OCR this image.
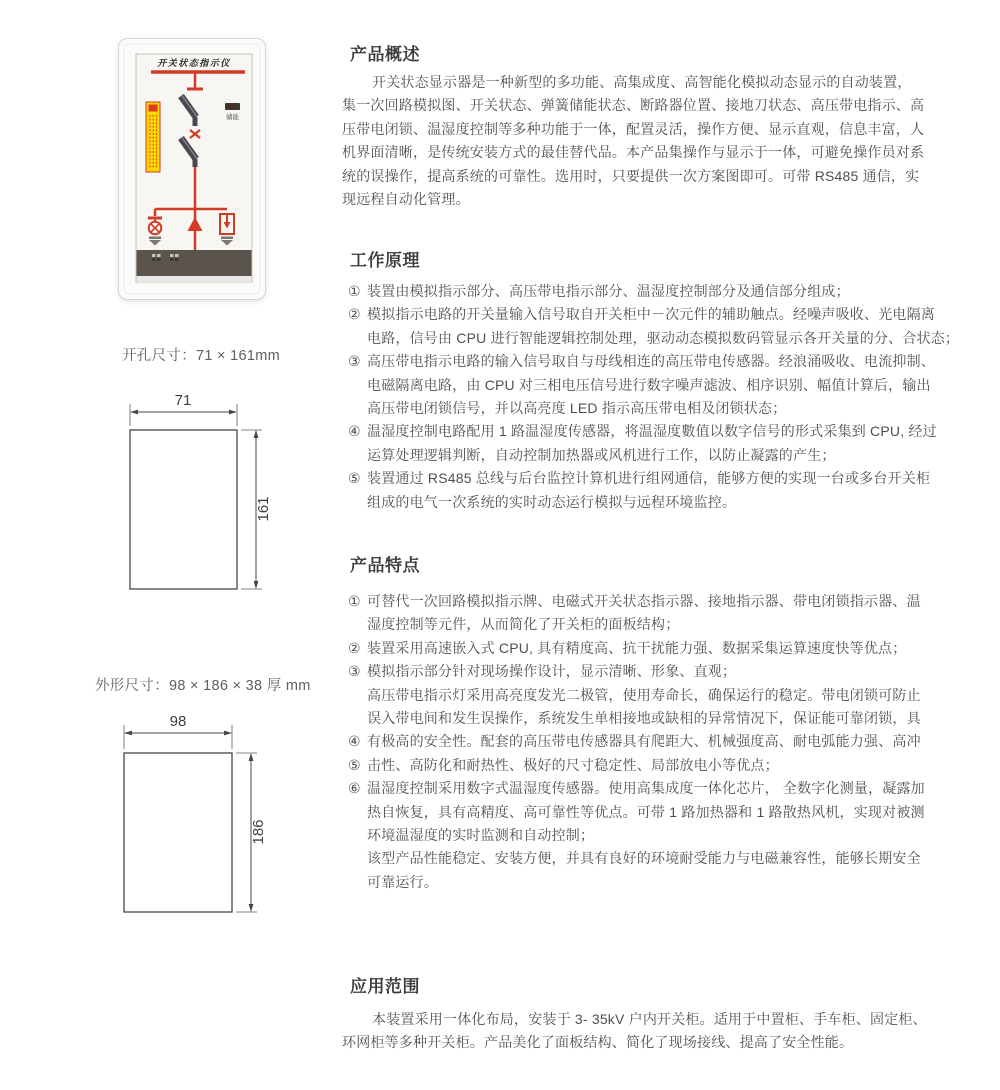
开关状态指示仪
储能
开孔尺寸：71 × 161mm
71
161
外形尺寸：98 × 186 × 38 厚 mm
98
186
产品概述
开关状态显示器是一种新型的多功能、高集成度、高智能化模拟动态显示的自动装置，
集一次回路模拟图、开关状态、弹簧储能状态、断路器位置、接地刀状态、高压带电指示、高
压带电闭锁、温湿度控制等多种功能于一体，配置灵活，操作方便、显示直观，信息丰富，人
机界面清晰，是传统安装方式的最佳替代品。本产品集操作与显示于一体，可避免操作员对系
统的误操作，提高系统的可靠性。选用时，只要提供一次方案图即可。可带 RS485 通信，实
现远程自动化管理。
工作原理
① 装置由模拟指示部分、高压带电指示部分、温湿度控制部分及通信部分组成；
② 模拟指示电路的开关量输入信号取自开关柜中－次元件的辅助触点。经噪声吸收、光电隔离
电路，信号由 CPU 进行智能逻辑控制处理，驱动动态模拟数码管显示各开关量的分、合状态；
③ 高压带电指示电路的输入信号取自与母线相连的高压带电传感器。经浪涌吸收、电流抑制、
电磁隔离电路，由 CPU 对三相电压信号进行数字噪声滤波、相序识别、幅值计算后，输出
高压带电闭锁信号，并以高亮度 LED 指示高压带电相及闭锁状态；
④ 温湿度控制电路配用 1 路温湿度传感器，将温湿度數值以数字信号的形式采集到 CPU, 经过
运算处理逻辑判断，自动控制加热器或风机进行工作，以防止凝露的产生；
⑤ 装置通过 RS485 总线与后台监控计算机进行组网通信，能够方便的实现一台或多台开关柜
组成的电气一次系统的实时动态运行模拟与远程环境监控。
产品特点
① 可替代一次回路模拟指示牌、电磁式开关状态指示器、接地指示器、带电闭锁指示器、温
湿度控制等元件，从而简化了开关柜的面板结构；
② 装置采用高速嵌入式 CPU, 具有精度高、抗干扰能力强、数据采集运算速度快等优点；
③ 模拟指示部分针对现场操作设计，显示清晰、形象、直观；
高压带电指示灯采用高亮度发光二极管，使用寿命长，确保运行的稳定。带电闭锁可防止
误入带电间和发生误操作，系统发生单相接地或缺相的异常情况下，保证能可靠闭锁，具
④ 有极高的安全性。配套的高压带电传感器具有爬距大、机械强度高、耐电弧能力强、高冲
⑤ 击性、高防化和耐热性、极好的尺寸稳定性、局部放电小等优点；
⑥ 温湿度控制采用数字式温湿度传感器。使用高集成度一体化芯片， 全数字化测量，凝露加
热自恢复，具有高精度、高可靠性等优点。可带 1 路加热器和 1 路散热风机，实现对被测
环境温湿度的实时监测和自动控制；
该型产品性能稳定、安装方便，并具有良好的环境耐受能力与电磁兼容性，能够长期安全
可靠运行。
应用范围
本装置采用一体化布局，安装于 3- 35kV 户内开关柜。适用于中置柜、手车柜、固定柜、
环网柜等多种开关柜。产品美化了面板结构、简化了现场接线、提高了安全性能。
